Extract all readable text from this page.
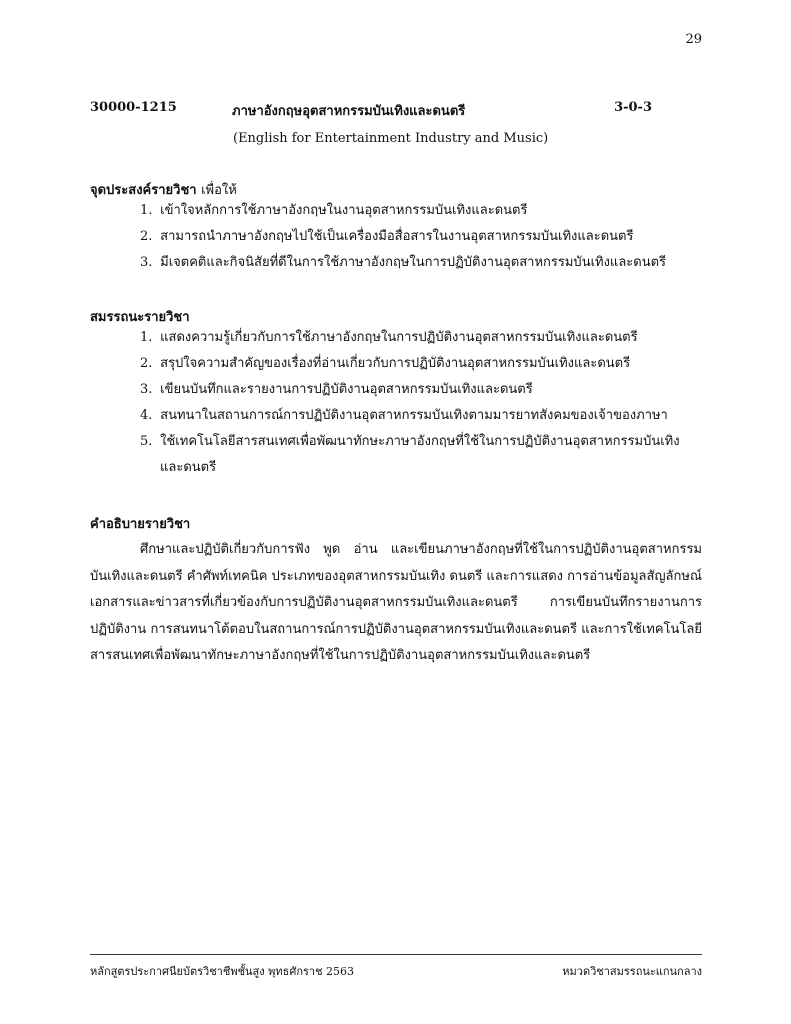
29
30000-1215	ภาษาอังกฤษอุตสาหกรรมบันเทิงและดนตรี	3-0-3
(English for Entertainment Industry and Music)
จุดประสงค์รายวิชา เพื่อให้
1. เข้าใจหลักการใช้ภาษาอังกฤษในงานอุตสาหกรรมบันเทิงและดนตรี
2. สามารถนำภาษาอังกฤษไปใช้เป็นเครื่องมือสื่อสารในงานอุตสาหกรรมบันเทิงและดนตรี
3. มีเจตคติและกิจนิสัยที่ดีในการใช้ภาษาอังกฤษในการปฏิบัติงานอุตสาหกรรมบันเทิงและดนตรี
สมรรถนะรายวิชา
1. แสดงความรู้เกี่ยวกับการใช้ภาษาอังกฤษในการปฏิบัติงานอุตสาหกรรมบันเทิงและดนตรี
2. สรุปใจความสำคัญของเรื่องที่อ่านเกี่ยวกับการปฏิบัติงานอุตสาหกรรมบันเทิงและดนตรี
3. เขียนบันทึกและรายงานการปฏิบัติงานอุตสาหกรรมบันเทิงและดนตรี
4. สนทนาในสถานการณ์การปฏิบัติงานอุตสาหกรรมบันเทิงตามมารยาทสังคมของเจ้าของภาษา
5. ใช้เทคโนโลยีสารสนเทศเพื่อพัฒนาทักษะภาษาอังกฤษที่ใช้ในการปฏิบัติงานอุตสาหกรรมบันเทิง
และดนตรี
คำอธิบายรายวิชา
ศึกษาและปฏิบัติเกี่ยวกับการฟัง พูด อ่าน และเขียนภาษาอังกฤษที่ใช้ในการปฏิบัติงานอุตสาหกรรมบันเทิงและดนตรี คำศัพท์เทคนิค ประเภทของอุตสาหกรรมบันเทิง ดนตรี และการแสดง การอ่านข้อมูลสัญลักษณ์ เอกสารและข่าวสารที่เกี่ยวข้องกับการปฏิบัติงานอุตสาหกรรมบันเทิงและดนตรี การเขียนบันทึกรายงานการปฏิบัติงาน การสนทนาโต้ตอบในสถานการณ์การปฏิบัติงานอุตสาหกรรมบันเทิงและดนตรี และการใช้เทคโนโลยีสารสนเทศเพื่อพัฒนาทักษะภาษาอังกฤษที่ใช้ในการปฏิบัติงานอุตสาหกรรมบันเทิงและดนตรี
หลักสูตรประกาศนียบัตรวิชาชีพชั้นสูง พุทธศักราช 2563	หมวดวิชาสมรรถนะแกนกลาง
